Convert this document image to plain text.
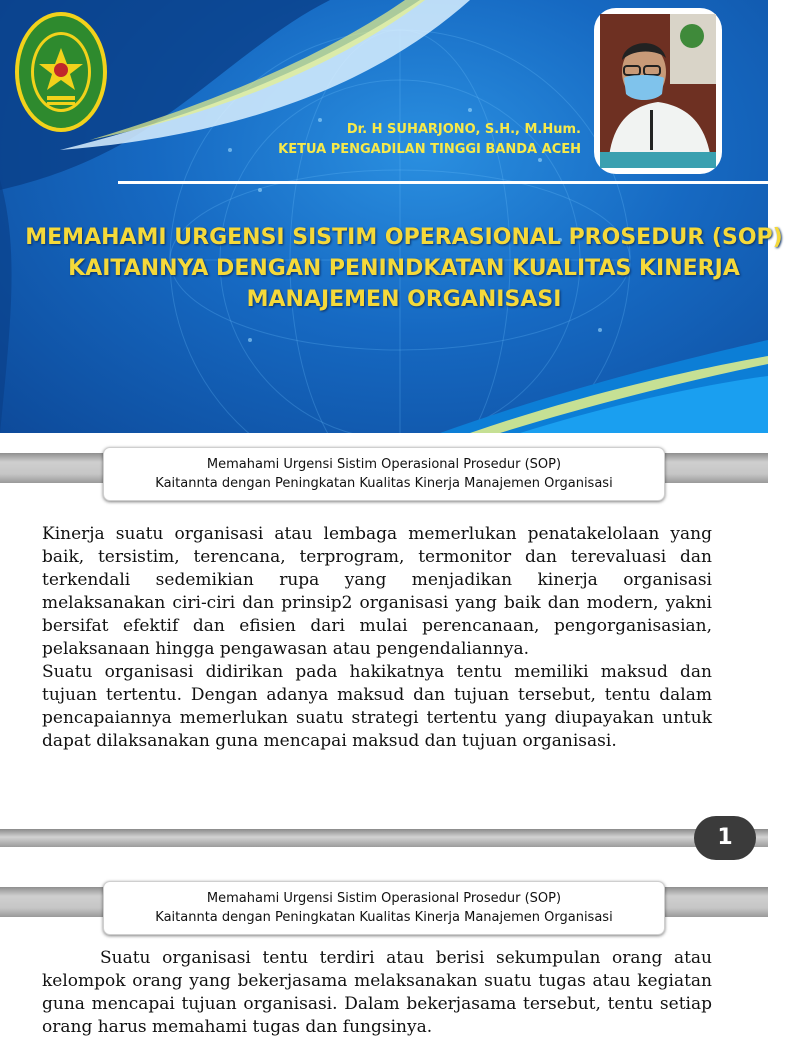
Dr. H SUHARJONO, S.H., M.Hum.
KETUA PENGADILAN TINGGI BANDA ACEH
MEMAHAMI URGENSI SISTIM OPERASIONAL PROSEDUR (SOP)
KAITANNYA DENGAN PENINDKATAN KUALITAS KINERJA
MANAJEMEN ORGANISASI
Memahami Urgensi Sistim Operasional Prosedur (SOP)
Kaitannta dengan Peningkatan Kualitas Kinerja Manajemen Organisasi

Kinerja suatu organisasi atau lembaga memerlukan penatakelolaan yang baik, tersistim, terencana, terprogram, termonitor dan terevaluasi dan terkendali sedemikian rupa yang menjadikan kinerja organisasi melaksanakan ciri-ciri dan prinsip2 organisasi yang baik dan modern, yakni bersifat efektif dan efisien dari mulai perencanaan, pengorganisasian, pelaksanaan hingga pengawasan atau pengendaliannya.

Suatu organisasi didirikan pada hakikatnya tentu memiliki maksud dan tujuan tertentu. Dengan adanya maksud dan tujuan tersebut, tentu dalam pencapaiannya memerlukan suatu strategi tertentu yang diupayakan untuk dapat dilaksanakan guna mencapai maksud dan tujuan organisasi.

1
Memahami Urgensi Sistim Operasional Prosedur (SOP)
Kaitannta dengan Peningkatan Kualitas Kinerja Manajemen Organisasi

Suatu organisasi tentu terdiri atau berisi sekumpulan orang atau kelompok orang yang bekerjasama melaksanakan suatu tugas atau kegiatan guna mencapai tujuan organisasi. Dalam bekerjasama tersebut, tentu setiap orang harus memahami tugas dan fungsinya.
